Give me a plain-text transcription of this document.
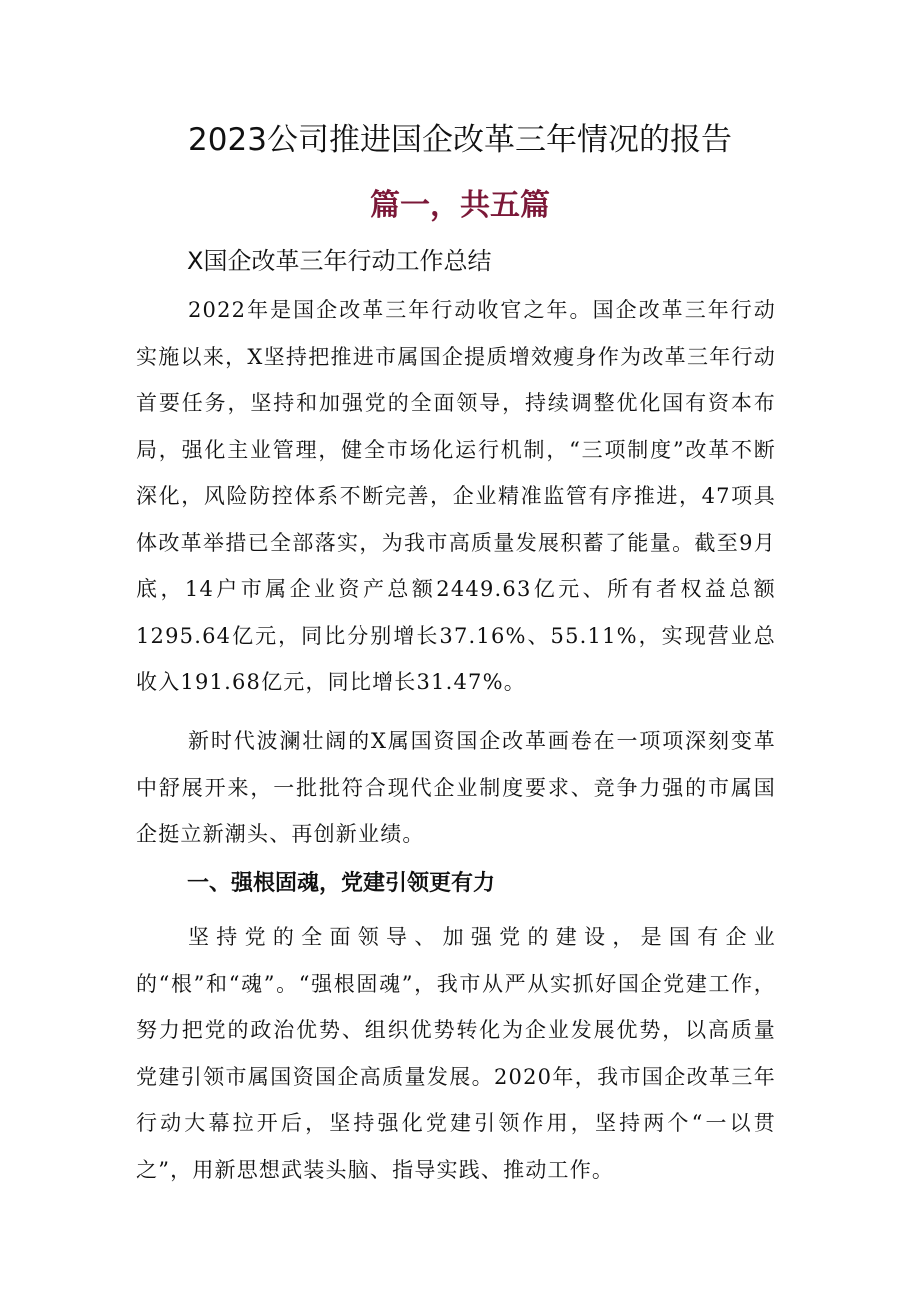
2023公司推进国企改革三年情况的报告
篇一，共五篇
X国企改革三年行动工作总结

2022年是国企改革三年行动收官之年。国企改革三年行动实施以来，X坚持把推进市属国企提质增效瘦身作为改革三年行动首要任务，坚持和加强党的全面领导，持续调整优化国有资本布局，强化主业管理，健全市场化运行机制，“三项制度”改革不断深化，风险防控体系不断完善，企业精准监管有序推进，47项具体改革举措已全部落实，为我市高质量发展积蓄了能量。截至9月底，14户市属企业资产总额2449.63亿元、所有者权益总额1295.64亿元，同比分别增长37.16%、55.11%，实现营业总收入191.68亿元，同比增长31.47%。

新时代波澜壮阔的X属国资国企改革画卷在一项项深刻变革中舒展开来，一批批符合现代企业制度要求、竞争力强的市属国企挺立新潮头、再创新业绩。

一、强根固魂，党建引领更有力

坚持党的全面领导、加强党的建设，是国有企业的“根”和“魂”。“强根固魂”，我市从严从实抓好国企党建工作，努力把党的政治优势、组织优势转化为企业发展优势，以高质量党建引领市属国资国企高质量发展。2020年，我市国企改革三年行动大幕拉开后，坚持强化党建引领作用，坚持两个“一以贯之”，用新思想武装头脑、指导实践、推动工作。
